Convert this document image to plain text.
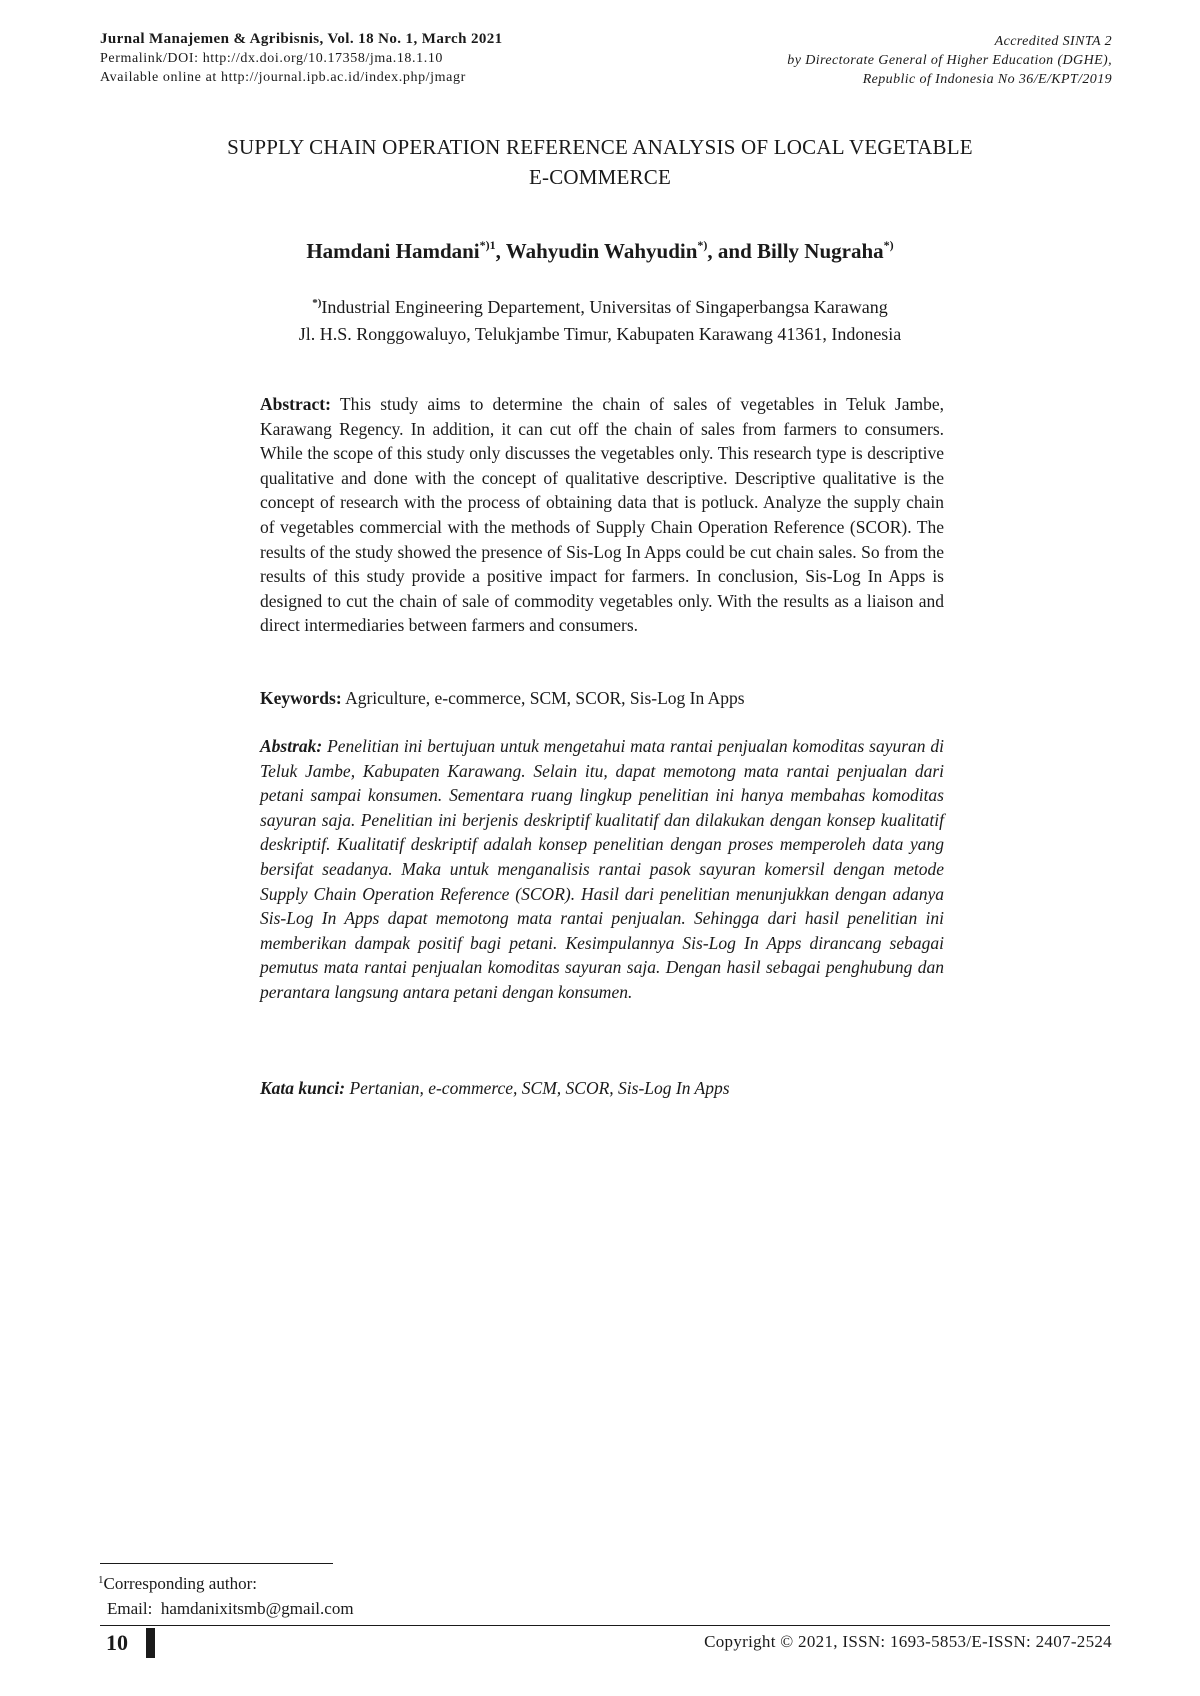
Jurnal Manajemen & Agribisnis, Vol. 18 No. 1, March 2021
Permalink/DOI: http://dx.doi.org/10.17358/jma.18.1.10
Available online at http://journal.ipb.ac.id/index.php/jmagr
Accredited SINTA 2
by Directorate General of Higher Education (DGHE),
Republic of Indonesia No 36/E/KPT/2019
SUPPLY CHAIN OPERATION REFERENCE ANALYSIS OF LOCAL VEGETABLE
E-COMMERCE
Hamdani Hamdani$^{*)1}$, Wahyudin Wahyudin*), and Billy Nugraha*)
*)Industrial Engineering Departement, Universitas of Singaperbangsa Karawang
Jl. H.S. Ronggowaluyo, Telukjambe Timur, Kabupaten Karawang 41361, Indonesia
Abstract: This study aims to determine the chain of sales of vegetables in Teluk Jambe, Karawang Regency. In addition, it can cut off the chain of sales from farmers to consumers. While the scope of this study only discusses the vegetables only. This research type is descriptive qualitative and done with the concept of qualitative descriptive. Descriptive qualitative is the concept of research with the process of obtaining data that is potluck. Analyze the supply chain of vegetables commercial with the methods of Supply Chain Operation Reference (SCOR). The results of the study showed the presence of Sis-Log In Apps could be cut chain sales. So from the results of this study provide a positive impact for farmers. In conclusion, Sis-Log In Apps is designed to cut the chain of sale of commodity vegetables only. With the results as a liaison and direct intermediaries between farmers and consumers.
Keywords: Agriculture, e-commerce, SCM, SCOR, Sis-Log In Apps
Abstrak: Penelitian ini bertujuan untuk mengetahui mata rantai penjualan komoditas sayuran di Teluk Jambe, Kabupaten Karawang. Selain itu, dapat memotong mata rantai penjualan dari petani sampai konsumen. Sementara ruang lingkup penelitian ini hanya membahas komoditas sayuran saja. Penelitian ini berjenis deskriptif kualitatif dan dilakukan dengan konsep kualitatif deskriptif. Kualitatif deskriptif adalah konsep penelitian dengan proses memperoleh data yang bersifat seadanya. Maka untuk menganalisis rantai pasok sayuran komersil dengan metode Supply Chain Operation Reference (SCOR). Hasil dari penelitian menunjukkan dengan adanya Sis-Log In Apps dapat memotong mata rantai penjualan. Sehingga dari hasil penelitian ini memberikan dampak positif bagi petani. Kesimpulannya Sis-Log In Apps dirancang sebagai pemutus mata rantai penjualan komoditas sayuran saja. Dengan hasil sebagai penghubung dan perantara langsung antara petani dengan konsumen.
Kata kunci: Pertanian, e-commerce, SCM, SCOR, Sis-Log In Apps
$^1$Corresponding author:
Email: hamdanixitsmb@gmail.com
10	Copyright © 2021, ISSN: 1693-5853/E-ISSN: 2407-2524
